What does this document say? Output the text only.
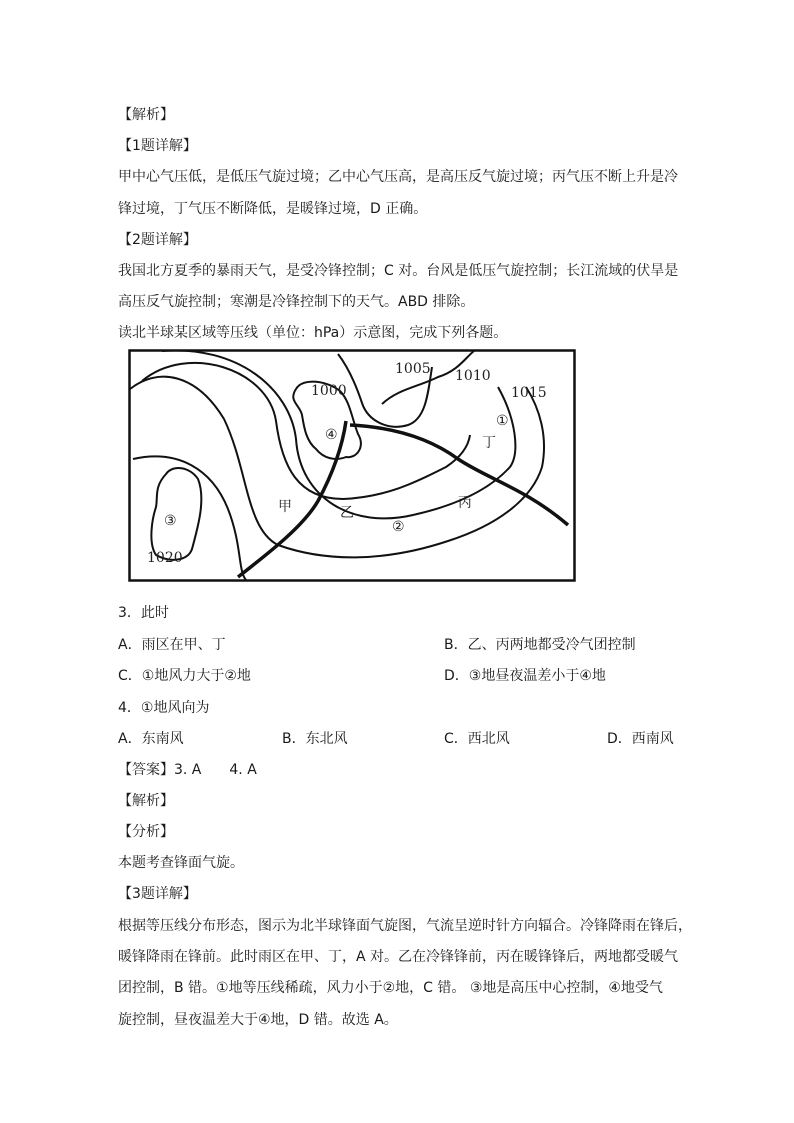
【解析】
【1题详解】
甲中心气压低，是低压气旋过境；乙中心气压高，是高压反气旋过境；丙气压不断上升是冷
锋过境，丁气压不断降低，是暖锋过境，D 正确。
【2题详解】
我国北方夏季的暴雨天气，是受冷锋控制；C 对。台风是低压气旋控制；长江流域的伏旱是
高压反气旋控制；寒潮是冷锋控制下的天气。ABD 排除。
读北半球某区域等压线（单位：hPa）示意图，完成下列各题。
1000
1005 1010
1015
1020
甲	乙
丙
丁
①
②
③
④
3．此时
A．雨区在甲、丁	B．乙、丙两地都受冷气团控制
C．①地风力大于②地	D．③地昼夜温差小于④地
4．①地风向为
A．东南风	B．东北风	C．西北风	D．西南风
【答案】3. A　　4. A
【解析】
【分析】
本题考查锋面气旋。
【3题详解】
根据等压线分布形态，图示为北半球锋面气旋图，气流呈逆时针方向辐合。冷锋降雨在锋后，
暖锋降雨在锋前。此时雨区在甲、丁，A 对。乙在冷锋锋前，丙在暖锋锋后，两地都受暖气
团控制，B 错。①地等压线稀疏，风力小于②地，C 错。 ③地是高压中心控制，④地受气
旋控制，昼夜温差大于④地，D 错。故选 A。
